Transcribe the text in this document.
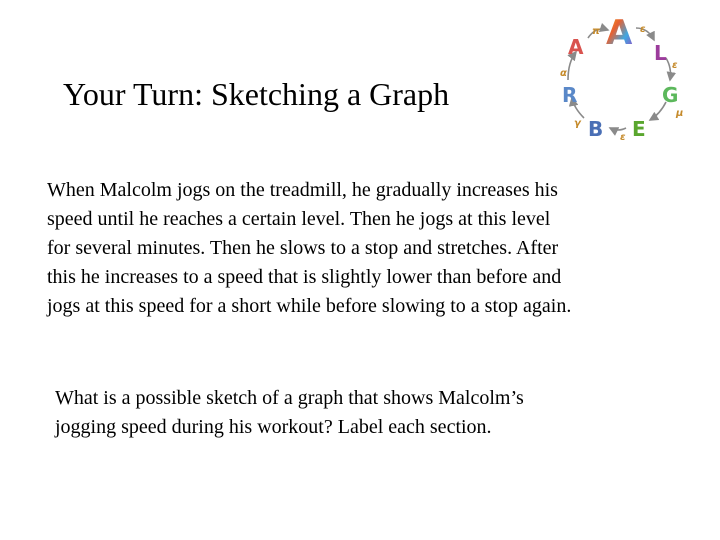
Your Turn: Sketching a Graph
A A L
G
E
B
R
π	ε
ε
μ
ε
γ
α
When Malcolm jogs on the treadmill, he gradually increases his
speed until he reaches a certain level. Then he jogs at this level
for several minutes. Then he slows to a stop and stretches. After
this he increases to a speed that is slightly lower than before and
jogs at this speed for a short while before slowing to a stop again.
What is a possible sketch of a graph that shows Malcolm’s
jogging speed during his workout? Label each section.
